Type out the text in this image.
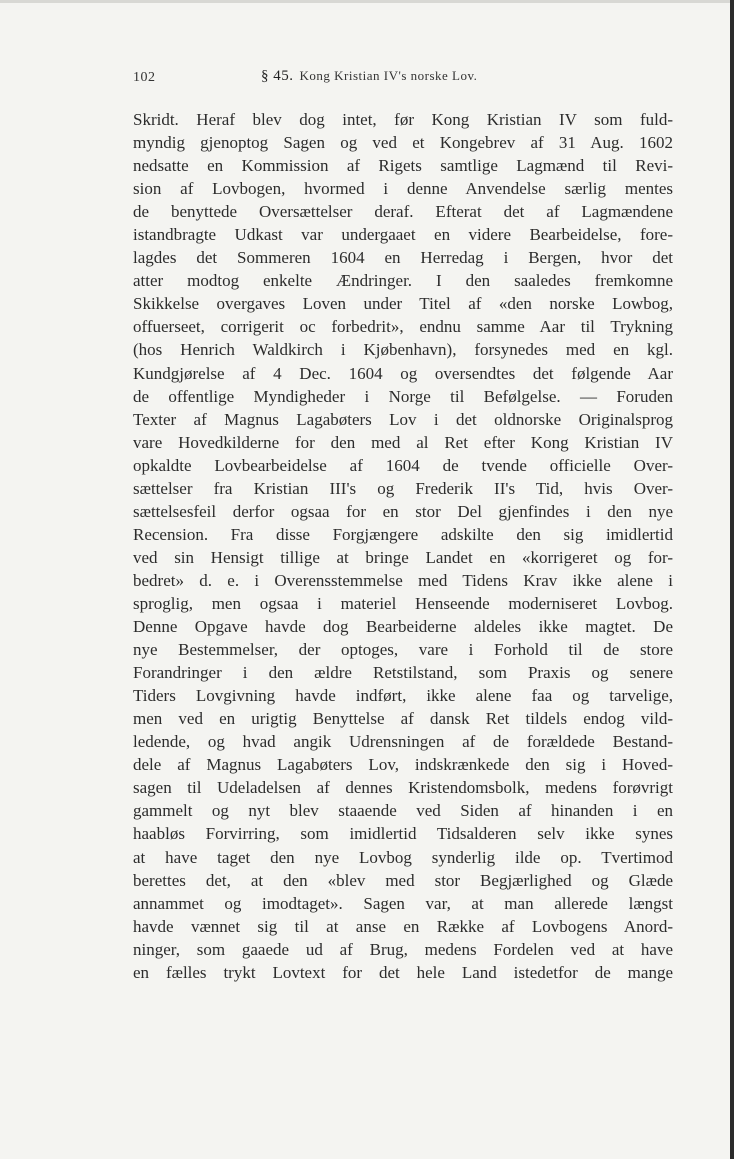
102	§ 45. Kong Kristian IV's norske Lov.
Skridt. Heraf blev dog intet, før Kong Kristian IV som fuld-
myndig gjenoptog Sagen og ved et Kongebrev af 31 Aug. 1602
nedsatte en Kommission af Rigets samtlige Lagmænd til Revi-
sion af Lovbogen, hvormed i denne Anvendelse særlig mentes
de benyttede Oversættelser deraf. Efterat det af Lagmændene
istandbragte Udkast var undergaaet en videre Bearbeidelse, fore-
lagdes det Sommeren 1604 en Herredag i Bergen, hvor det
atter modtog enkelte Ændringer. I den saaledes fremkomne
Skikkelse overgaves Loven under Titel af «den norske Lowbog,
offuerseet, corrigerit oc forbedrit», endnu samme Aar til Trykning
(hos Henrich Waldkirch i Kjøbenhavn), forsynedes med en kgl.
Kundgjørelse af 4 Dec. 1604 og oversendtes det følgende Aar
de offentlige Myndigheder i Norge til Befølgelse. — Foruden
Texter af Magnus Lagabøters Lov i det oldnorske Originalsprog
vare Hovedkilderne for den med al Ret efter Kong Kristian IV
opkaldte Lovbearbeidelse af 1604 de tvende officielle Over-
sættelser fra Kristian III's og Frederik II's Tid, hvis Over-
sættelsesfeil derfor ogsaa for en stor Del gjenfindes i den nye
Recension. Fra disse Forgjængere adskilte den sig imidlertid
ved sin Hensigt tillige at bringe Landet en «korrigeret og for-
bedret» d. e. i Overensstemmelse med Tidens Krav ikke alene i
sproglig, men ogsaa i materiel Henseende moderniseret Lovbog.
Denne Opgave havde dog Bearbeiderne aldeles ikke magtet. De
nye Bestemmelser, der optoges, vare i Forhold til de store
Forandringer i den ældre Retstilstand, som Praxis og senere
Tiders Lovgivning havde indført, ikke alene faa og tarvelige,
men ved en urigtig Benyttelse af dansk Ret tildels endog vild-
ledende, og hvad angik Udrensningen af de forældede Bestand-
dele af Magnus Lagabøters Lov, indskrænkede den sig i Hoved-
sagen til Udeladelsen af dennes Kristendomsbolk, medens forøvrigt
gammelt og nyt blev staaende ved Siden af hinanden i en
haabløs Forvirring, som imidlertid Tidsalderen selv ikke synes
at have taget den nye Lovbog synderlig ilde op. Tvertimod
berettes det, at den «blev med stor Begjærlighed og Glæde
annammet og imodtaget». Sagen var, at man allerede længst
havde vænnet sig til at anse en Række af Lovbogens Anord-
ninger, som gaaede ud af Brug, medens Fordelen ved at have
en fælles trykt Lovtext for det hele Land istedetfor de mange
